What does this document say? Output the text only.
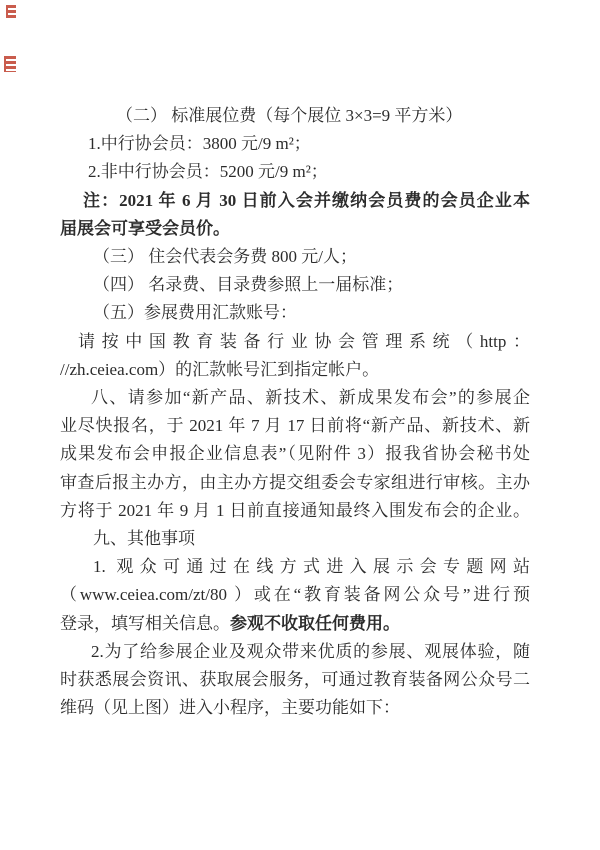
（二） 标准展位费（每个展位 3×3=9 平方米）
1.中行协会员：3800 元/9 m²；
2.非中行协会员：5200 元/9 m²；
注：2021 年 6 月 30 日前入会并缴纳会员费的会员企业本
届展会可享受会员价。
（三） 住会代表会务费 800 元/人；
（四） 名录费、目录费参照上一届标准；
（五）参展费用汇款账号：
请按中国教育装备行业协会管理系统（http：
//zh.ceiea.com）的汇款帐号汇到指定帐户。
八、请参加“新产品、新技术、新成果发布会”的参展企
业尽快报名，于 2021 年 7 月 17 日前将“新产品、新技术、新
成果发布会申报企业信息表”（见附件 3）报我省协会秘书处
审查后报主办方，由主办方提交组委会专家组进行审核。主办
方将于 2021 年 9 月 1 日前直接通知最终入围发布会的企业。
九、其他事项
1. 观众可通过在线方式进入展示会专题网站
（www.ceiea.com/zt/80 ）或在“教育装备网公众号”进行预
登录，填写相关信息。参观不收取任何费用。
2.为了给参展企业及观众带来优质的参展、观展体验，随
时获悉展会资讯、获取展会服务，可通过教育装备网公众号二
维码（见上图）进入小程序，主要功能如下：
